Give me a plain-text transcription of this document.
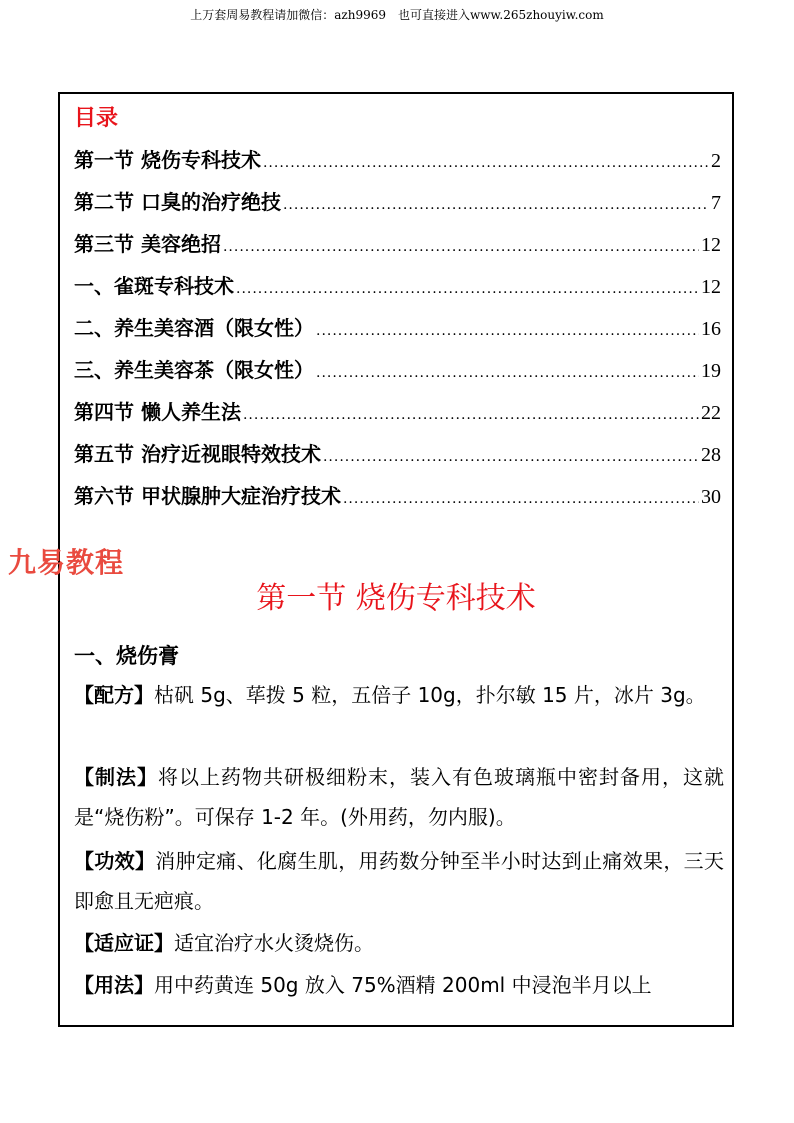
上万套周易教程请加微信：azh9969　也可直接进入www.265zhouyiw.com
目录
第一节 烧伤专科技术 .....	2
第二节 口臭的治疗绝技 .....	7
第三节 美容绝招 .....	12
一、雀斑专科技术 .....	12
二、养生美容酒（限女性） .....	16
三、养生美容茶（限女性） .....	19
第四节 懒人养生法 .....	22
第五节 治疗近视眼特效技术 .....	28
第六节 甲状腺肿大症治疗技术 .....	30
九易教程
第一节 烧伤专科技术
一、烧伤膏
【配方】枯矾 5g、荜拨 5 粒，五倍子 10g，扑尔敏 15 片，冰片 3g。
【制法】将以上药物共研极细粉末，装入有色玻璃瓶中密封备用，这就是“烧伤粉”。可保存 1-2 年。(外用药，勿内服)。
【功效】消肿定痛、化腐生肌，用药数分钟至半小时达到止痛效果，三天即愈且无疤痕。
【适应证】适宜治疗水火烫烧伤。
【用法】用中药黄连 50g 放入 75%酒精 200ml 中浸泡半月以上
